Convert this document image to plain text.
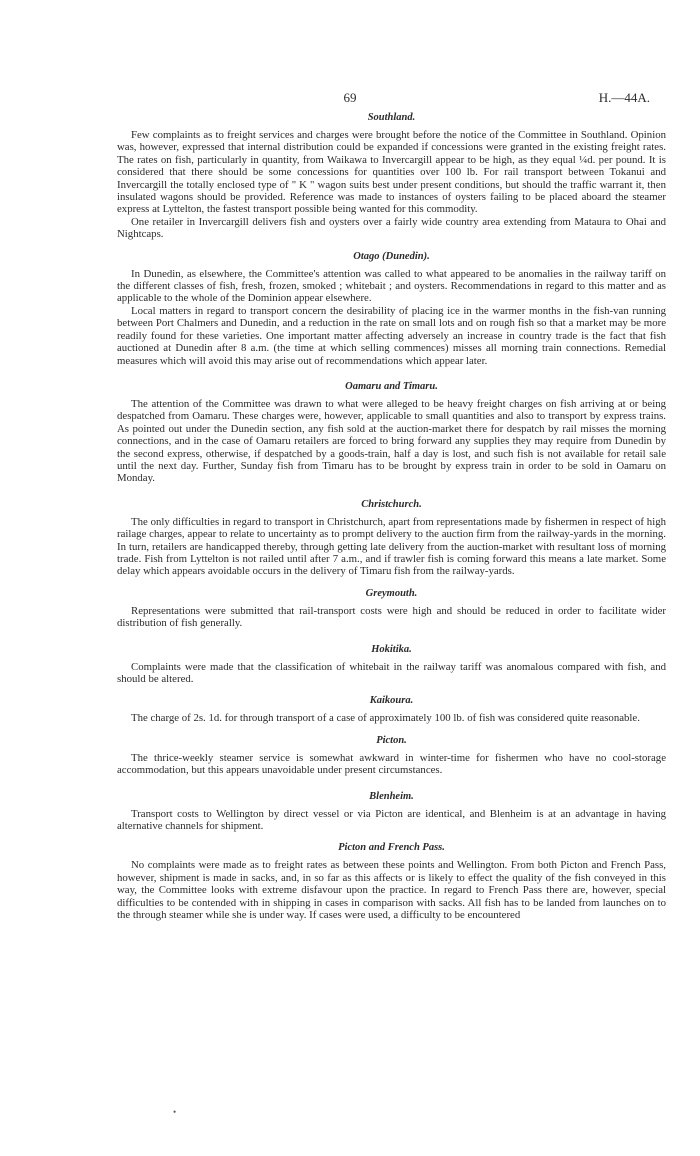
69	H.—44A.
Southland.

Few complaints as to freight services and charges were brought before the notice of the Committee in Southland. Opinion was, however, expressed that internal distribution could be expanded if concessions were granted in the existing freight rates. The rates on fish, particularly in quantity, from Waikawa to Invercargill appear to be high, as they equal ¼d. per pound. It is considered that there should be some concessions for quantities over 100 lb. For rail transport between Tokanui and Invercargill the totally enclosed type of " K " wagon suits best under present conditions, but should the traffic warrant it, then insulated wagons should be provided. Reference was made to instances of oysters failing to be placed aboard the steamer express at Lyttelton, the fastest transport possible being wanted for this commodity.

One retailer in Invercargill delivers fish and oysters over a fairly wide country area extending from Mataura to Ohai and Nightcaps.

Otago (Dunedin).

In Dunedin, as elsewhere, the Committee's attention was called to what appeared to be anomalies in the railway tariff on the different classes of fish, fresh, frozen, smoked ; whitebait ; and oysters. Recommendations in regard to this matter and as applicable to the whole of the Dominion appear elsewhere.

Local matters in regard to transport concern the desirability of placing ice in the warmer months in the fish-van running between Port Chalmers and Dunedin, and a reduction in the rate on small lots and on rough fish so that a market may be more readily found for these varieties. One important matter affecting adversely an increase in country trade is the fact that fish auctioned at Dunedin after 8 a.m. (the time at which selling commences) misses all morning train connections. Remedial measures which will avoid this may arise out of recommendations which appear later.

Oamaru and Timaru.

The attention of the Committee was drawn to what were alleged to be heavy freight charges on fish arriving at or being despatched from Oamaru. These charges were, however, applicable to small quantities and also to transport by express trains. As pointed out under the Dunedin section, any fish sold at the auction-market there for despatch by rail misses the morning connections, and in the case of Oamaru retailers are forced to bring forward any supplies they may require from Dunedin by the second express, otherwise, if despatched by a goods-train, half a day is lost, and such fish is not available for retail sale until the next day. Further, Sunday fish from Timaru has to be brought by express train in order to be sold in Oamaru on Monday.

Christchurch.

The only difficulties in regard to transport in Christchurch, apart from representations made by fishermen in respect of high railage charges, appear to relate to uncertainty as to prompt delivery to the auction firm from the railway-yards in the morning. In turn, retailers are handicapped thereby, through getting late delivery from the auction-market with resultant loss of morning trade. Fish from Lyttelton is not railed until after 7 a.m., and if trawler fish is coming forward this means a late market. Some delay which appears avoidable occurs in the delivery of Timaru fish from the railway-yards.

Greymouth.

Representations were submitted that rail-transport costs were high and should be reduced in order to facilitate wider distribution of fish generally.

Hokitika.

Complaints were made that the classification of whitebait in the railway tariff was anomalous compared with fish, and should be altered.

Kaikoura.

The charge of 2s. 1d. for through transport of a case of approximately 100 lb. of fish was considered quite reasonable.

Picton.

The thrice-weekly steamer service is somewhat awkward in winter-time for fishermen who have no cool-storage accommodation, but this appears unavoidable under present circumstances.

Blenheim.

Transport costs to Wellington by direct vessel or via Picton are identical, and Blenheim is at an advantage in having alternative channels for shipment.

Picton and French Pass.

No complaints were made as to freight rates as between these points and Wellington. From both Picton and French Pass, however, shipment is made in sacks, and, in so far as this affects or is likely to effect the quality of the fish conveyed in this way, the Committee looks with extreme disfavour upon the practice. In regard to French Pass there are, however, special difficulties to be contended with in shipping in cases in comparison with sacks. All fish has to be landed from launches on to the through steamer while she is under way. If cases were used, a difficulty to be encountered

•
